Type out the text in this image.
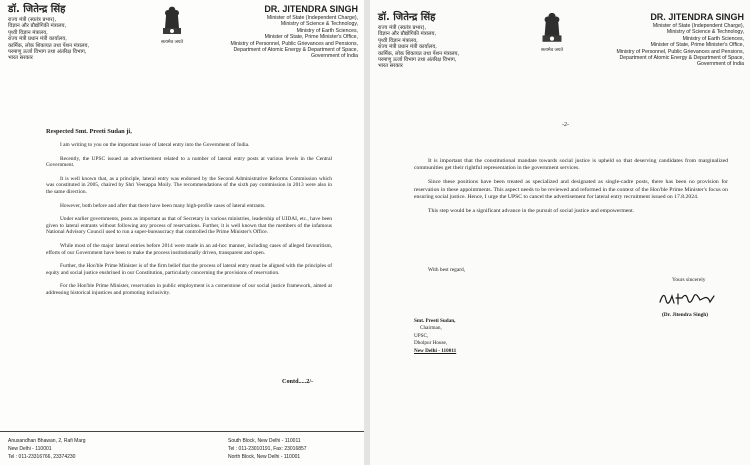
डॉ. जितेन्द्र सिंह
राज्य मंत्री (स्वतंत्र प्रभार),
विज्ञान और प्रौद्योगिकी मंत्रालय,
पृथ्वी विज्ञान मंत्रालय,
राज्य मंत्री प्रधान मंत्री कार्यालय,
कार्मिक, लोक शिकायत तथा पेंशन मंत्रालय,
परमाणु ऊर्जा विभाग तथा अंतरिक्ष विभाग,
भारत सरकार
सत्यमेव जयते
DR. JITENDRA SINGH
Minister of State (Independent Charge),
Ministry of Science & Technology,
Ministry of Earth Sciences,
Minister of State, Prime Minister's Office,
Ministry of Personnel, Public Grievances and Pensions,
Department of Atomic Energy & Department of Space,
Government of India
Respected Smt. Preeti Sudan ji,

I am writing to you on the important issue of lateral entry into the Government of India.

Recently, the UPSC issued an advertisement related to a number of lateral entry posts at various levels in the Central Government.

It is well known that, as a principle, lateral entry was endorsed by the Second Administrative Reforms Commission which was constituted in 2005, chaired by Shri Veerappa Moily. The recommendations of the sixth pay commission in 2013 were also in the same direction.

However, both before and after that there have been many high-profile cases of lateral entrants.

Under earlier governments, posts as important as that of Secretary in various ministries, leadership of UIDAI, etc., have been given to lateral entrants without following any process of reservations. Further, it is well known that the members of the infamous National Advisory Council used to run a super-bureaucracy that controlled the Prime Minister's Office.

While most of the major lateral entries before 2014 were made in an ad-hoc manner, including cases of alleged favouritism, efforts of our Government have been to make the process institutionally driven, transparent and open.

Further, the Hon'ble Prime Minister is of the firm belief that the process of lateral entry must be aligned with the principles of equity and social justice enshrined in our Constitution, particularly concerning the provisions of reservation.

For the Hon'ble Prime Minister, reservation in public employment is a cornerstone of our social justice framework, aimed at addressing historical injustices and promoting inclusivity.

Contd.....2/-
Anusandhan Bhawan, 2, Rafi Marg
New Delhi - 110001
Tel : 011-23316766, 23374230
South Block, New Delhi - 110011
Tel : 011-23010191, Fax: 23016857
North Block, New Delhi - 110001
डॉ. जितेन्द्र सिंह
राज्य मंत्री (स्वतंत्र प्रभार),
विज्ञान और प्रौद्योगिकी मंत्रालय,
पृथ्वी विज्ञान मंत्रालय,
राज्य मंत्री प्रधान मंत्री कार्यालय,
कार्मिक, लोक शिकायत तथा पेंशन मंत्रालय,
परमाणु ऊर्जा विभाग तथा अंतरिक्ष विभाग,
भारत सरकार
सत्यमेव जयते
DR. JITENDRA SINGH
Minister of State (Independent Charge),
Ministry of Science & Technology,
Ministry of Earth Sciences,
Minister of State, Prime Minister's Office,
Ministry of Personnel, Public Grievances and Pensions,
Department of Atomic Energy & Department of Space,
Government of India
-2-

It is important that the constitutional mandate towards social justice is upheld so that deserving candidates from marginalized communities get their rightful representation in the government services.

Since these positions have been treated as specialized and designated as single-cadre posts, there has been no provision for reservation in these appointments. This aspect needs to be reviewed and reformed in the context of the Hon'ble Prime Minister's focus on ensuring social justice. Hence, I urge the UPSC to cancel the advertisement for lateral entry recruitment issued on 17.8.2024.

This step would be a significant advance in the pursuit of social justice and empowerment.

With best regard,
Yours sincerely
(Dr. Jitendra Singh)
Smt. Preeti Sudan,
Chairman,
UPSC,
Dholpur House,
New Delhi - 110011
